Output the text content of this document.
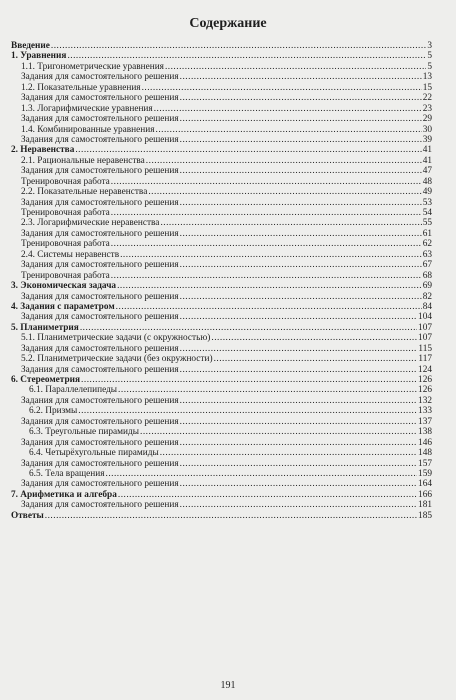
Содержание
Введение .....	3
1. Уравнения .....	5
1.1. Тригонометрические уравнения .....	5
Задания для самостоятельного решения .....	13
1.2. Показательные уравнения .....	15
Задания для самостоятельного решения .....	22
1.3. Логарифмические уравнения .....	23
Задания для самостоятельного решения .....	29
1.4. Комбинированные уравнения .....	30
Задания для самостоятельного решения .....	39
2. Неравенства .....	41
2.1. Рациональные неравенства .....	41
Задания для самостоятельного решения .....	47
Тренировочная работа .....	48
2.2. Показательные неравенства .....	49
Задания для самостоятельного решения .....	53
Тренировочная работа .....	54
2.3. Логарифмические неравенства .....	55
Задания для самостоятельного решения .....	61
Тренировочная работа .....	62
2.4. Системы неравенств .....	63
Задания для самостоятельного решения .....	67
Тренировочная работа .....	68
3. Экономическая задача .....	69
Задания для самостоятельного решения .....	82
4. Задания с параметром .....	84
Задания для самостоятельного решения .....	104
5. Планиметрия .....	107
5.1. Планиметрические задачи (с окружностью) .....	107
Задания для самостоятельного решения .....	115
5.2. Планиметрические задачи (без окружности) .....	117
Задания для самостоятельного решения .....	124
6. Стереометрия .....	126
6.1. Параллелепипеды .....	126
Задания для самостоятельного решения .....	132
6.2. Призмы .....	133
Задания для самостоятельного решения .....	137
6.3. Треугольные пирамиды .....	138
Задания для самостоятельного решения .....	146
6.4. Четырёхугольные пирамиды .....	148
Задания для самостоятельного решения .....	157
6.5. Тела вращения .....	159
Задания для самостоятельного решения .....	164
7. Арифметика и алгебра .....	166
Задания для самостоятельного решения .....	181
Ответы .....	185
191
